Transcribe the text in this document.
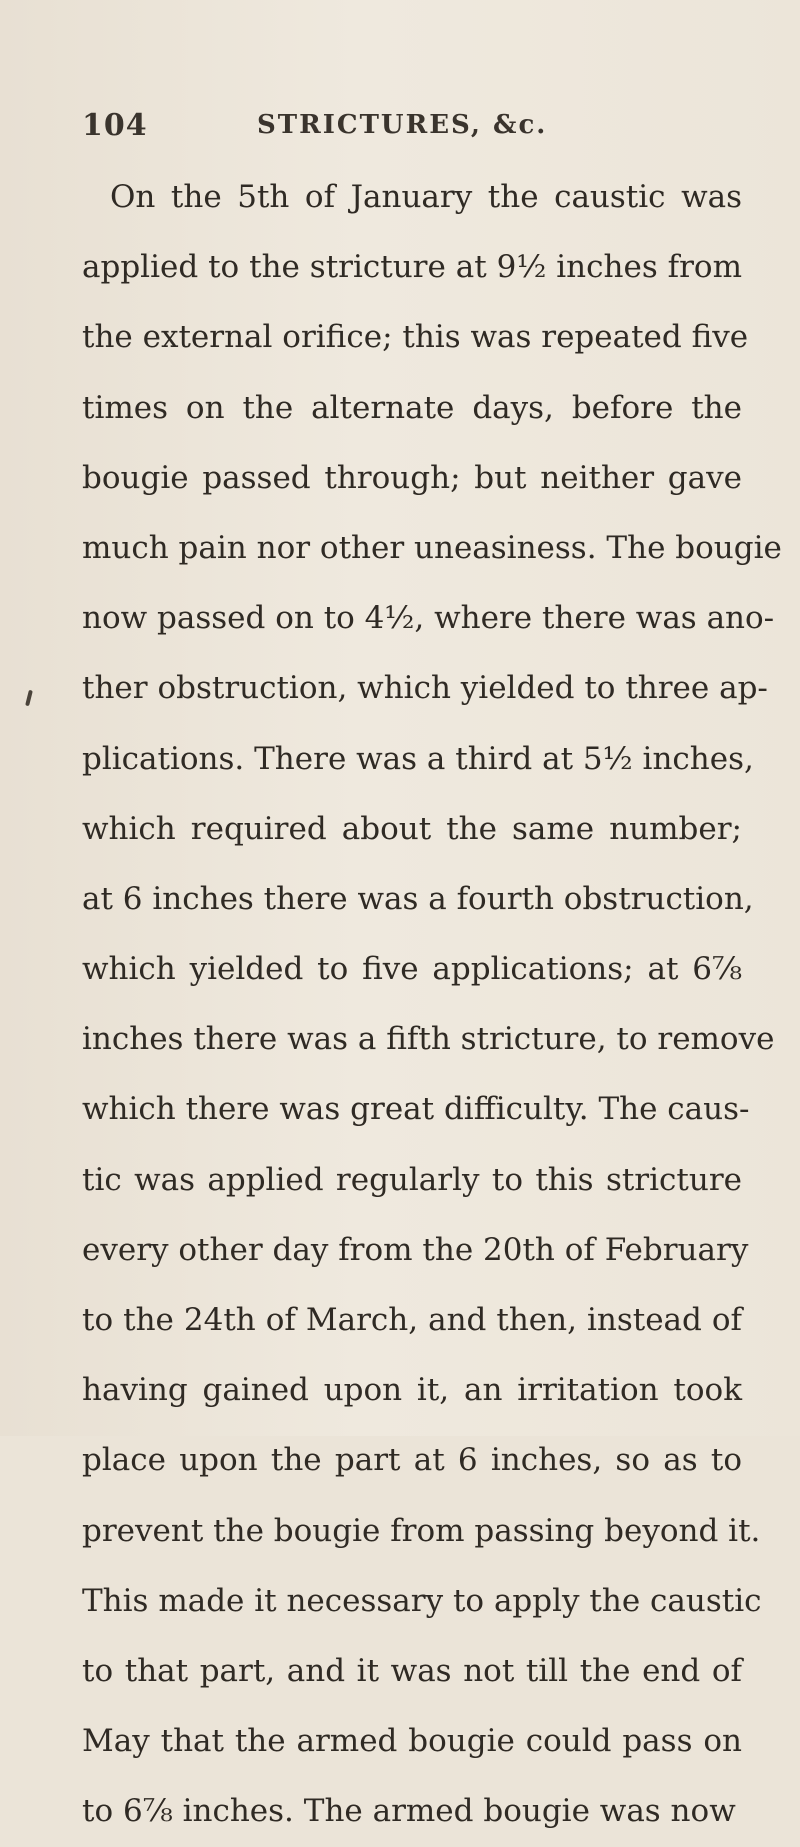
104	STRICTURES, &c.
On the 5th of January the caustic was
applied to the stricture at 9½ inches from
the external orifice; this was repeated five
times on the alternate days, before the
bougie passed through; but neither gave
much pain nor other uneasiness. The bougie
now passed on to 4½, where there was ano-
ther obstruction, which yielded to three ap-
plications. There was a third at 5½ inches,
which required about the same number;
at 6 inches there was a fourth obstruction,
which yielded to five applications; at 6⅞
inches there was a fifth stricture, to remove
which there was great difficulty. The caus-
tic was applied regularly to this stricture
every other day from the 20th of February
to the 24th of March, and then, instead of
having gained upon it, an irritation took
place upon the part at 6 inches, so as to
prevent the bougie from passing beyond it.
This made it necessary to apply the caustic
to that part, and it was not till the end of
May that the armed bougie could pass on
to 6⅞ inches. The armed bougie was now
